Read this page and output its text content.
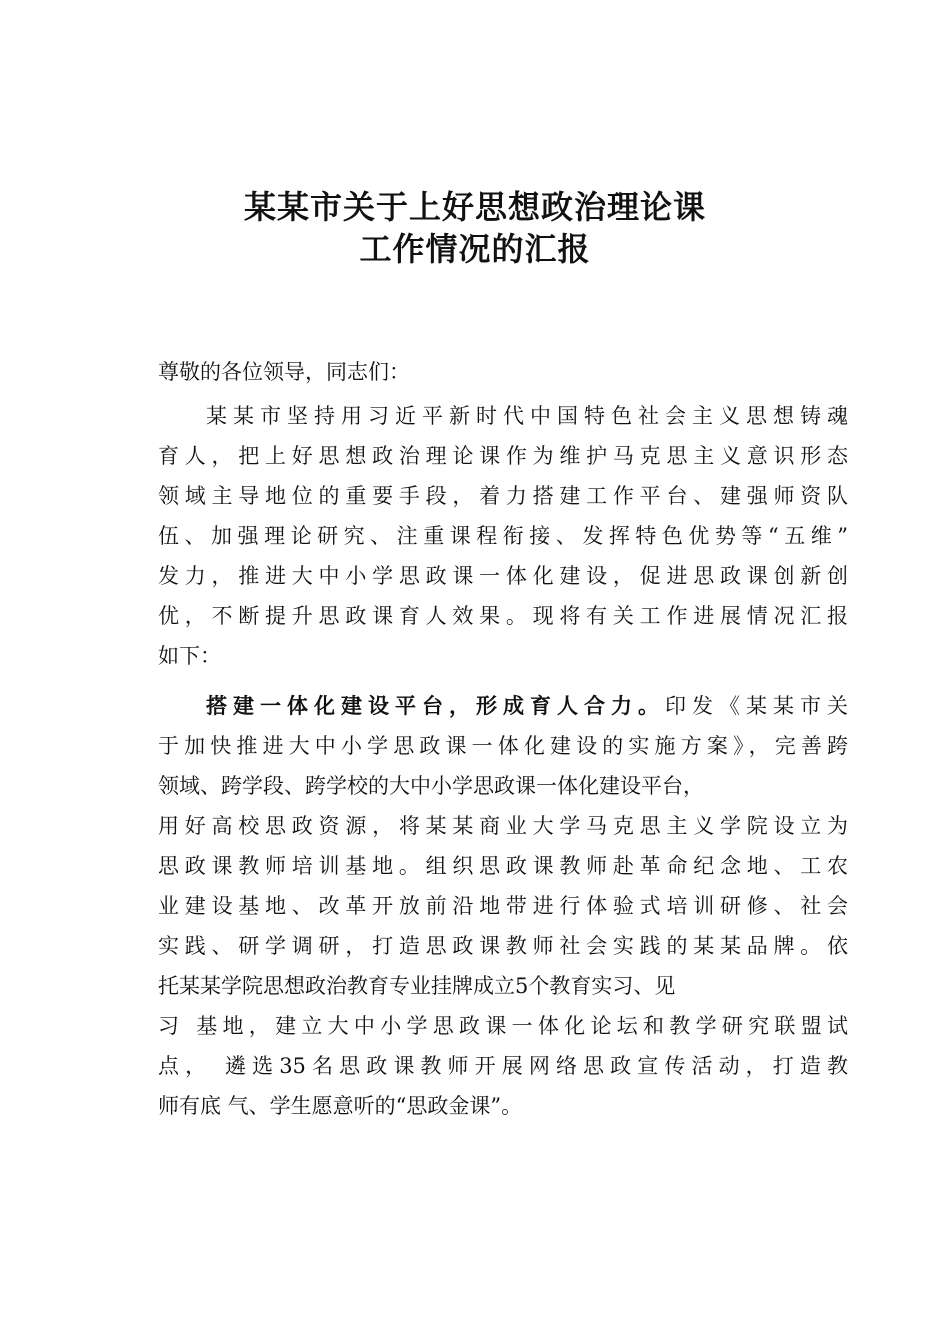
某某市关于上好思想政治理论课
工作情况的汇报
尊敬的各位领导，同志们：
某某市坚持用习近平新时代中国特色社会主义思想铸魂
育人，把上好思想政治理论课作为维护马克思主义意识形态
领域主导地位的重要手段，着力搭建工作平台、建强师资队
伍、加强理论研究、注重课程衔接、发挥特色优势等“五维”
发力，推进大中小学思政课一体化建设，促进思政课创新创
优，不断提升思政课育人效果。现将有关工作进展情况汇报
如下：
搭建一体化建设平台，形成育人合力。印发《某某市关
于加快推进大中小学思政课一体化建设的实施方案》，完善跨
领域、跨学段、跨学校的大中小学思政课一体化建设平台，
用好高校思政资源，将某某商业大学马克思主义学院设立为
思政课教师培训基地。组织思政课教师赴革命纪念地、工农
业建设基地、改革开放前沿地带进行体验式培训研修、社会
实践、研学调研，打造思政课教师社会实践的某某品牌。依
托某某学院思想政治教育专业挂牌成立5个教育实习、见
习 基地，建立大中小学思政课一体化论坛和教学研究联盟试
点， 遴选35名思政课教师开展网络思政宣传活动，打造教
师有底 气、学生愿意听的“思政金课”。
